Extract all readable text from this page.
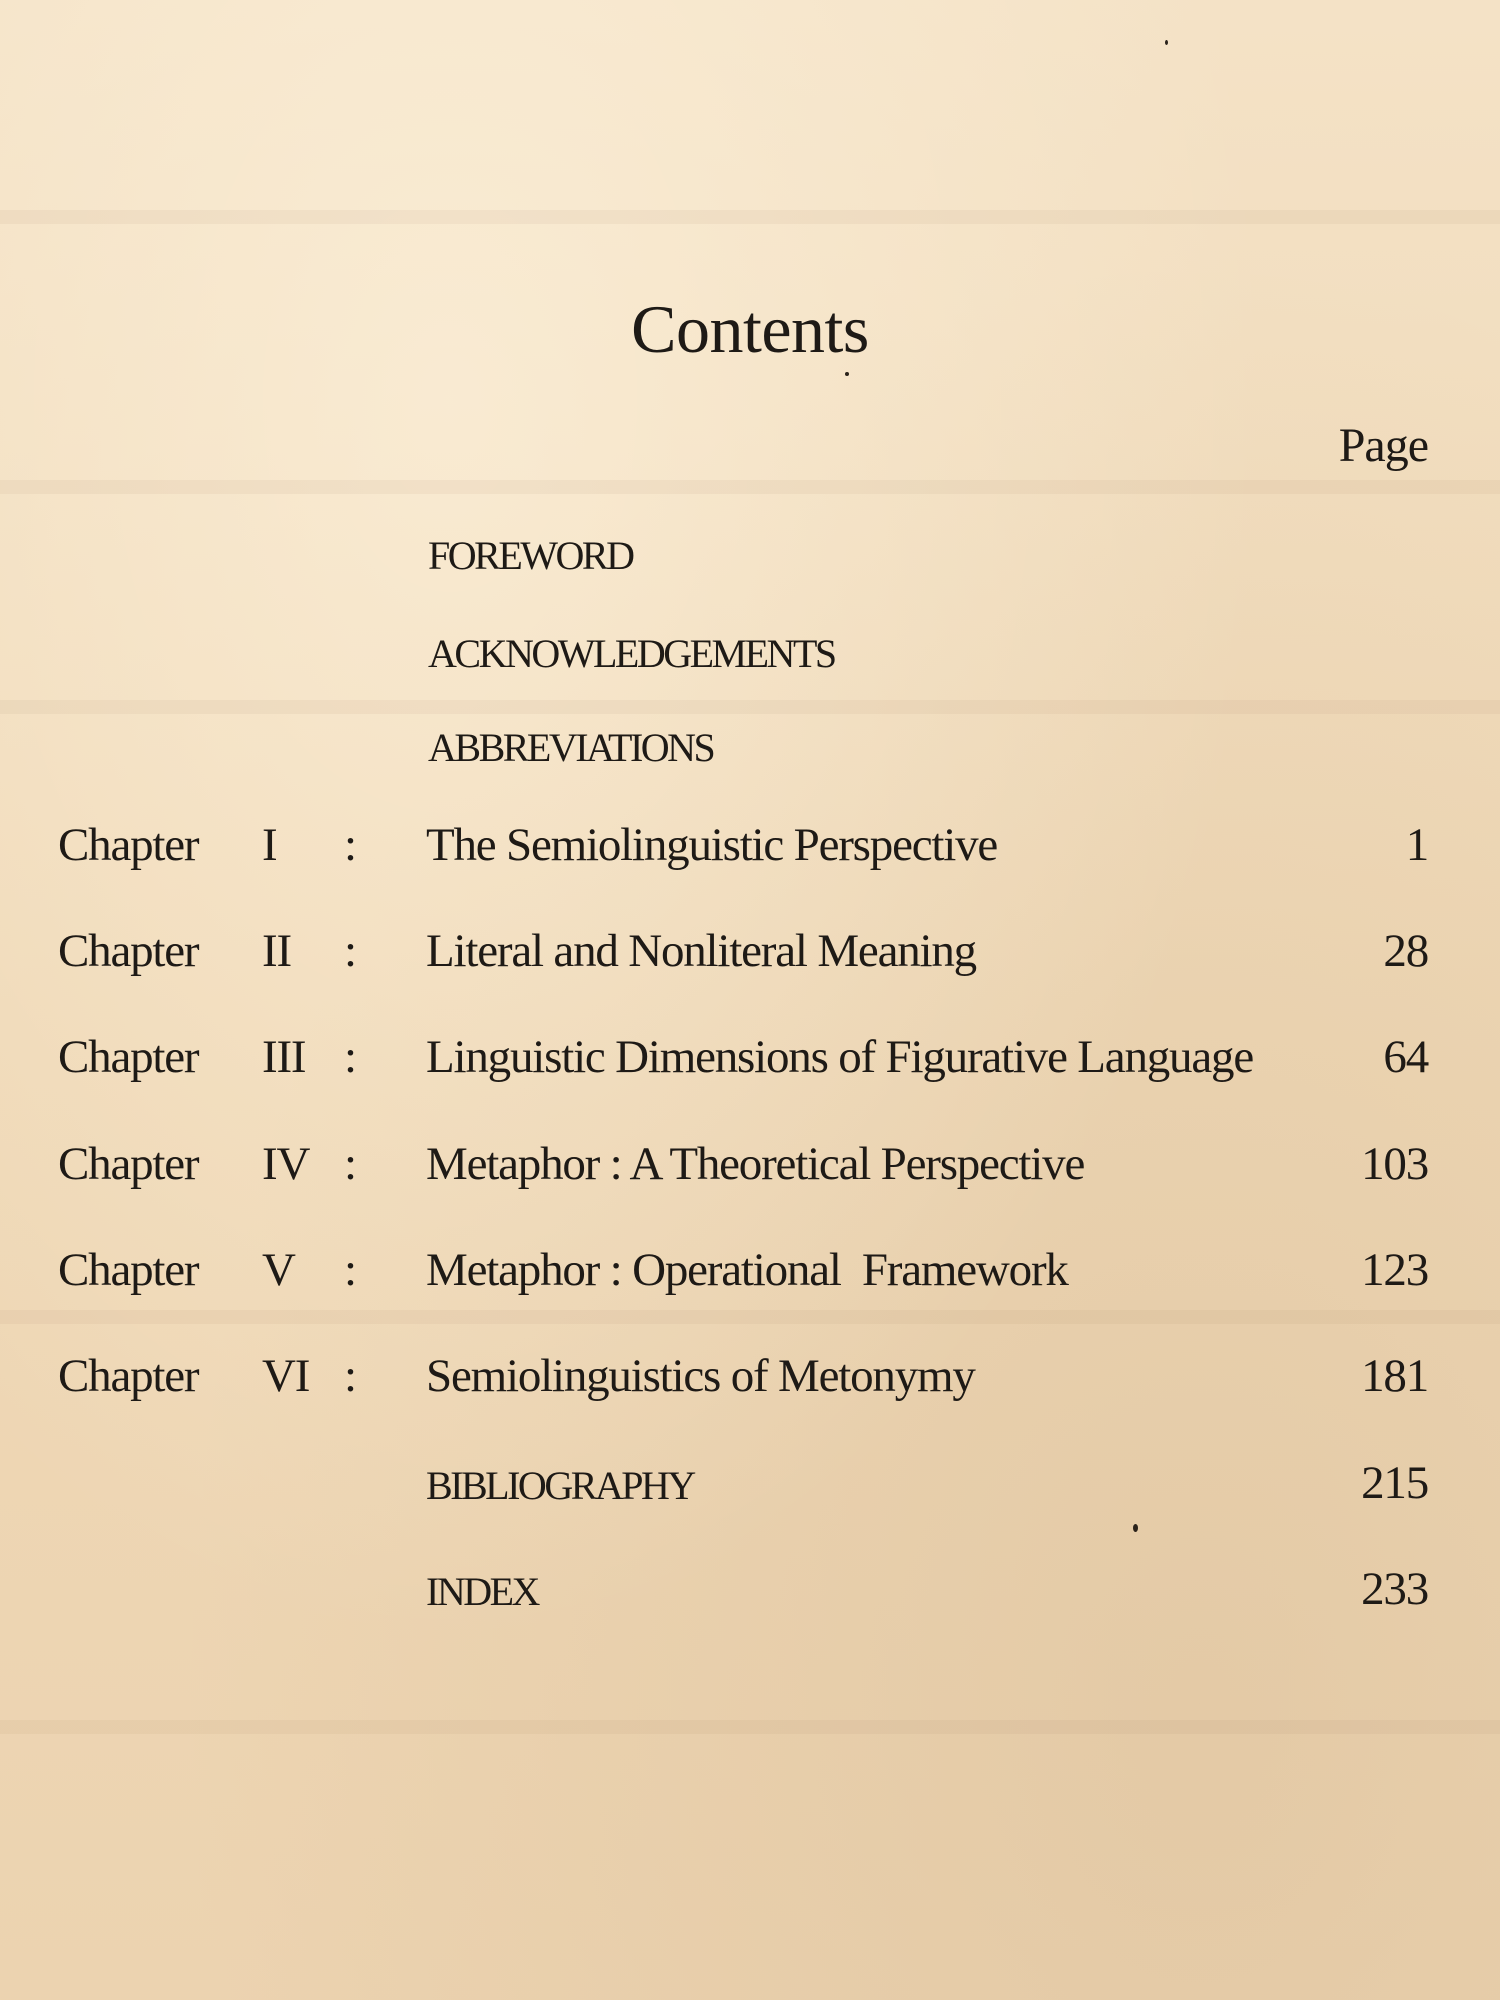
Contents
Page
FOREWORD
ACKNOWLEDGEMENTS
ABBREVIATIONS
Chapter I : The Semiolinguistic Perspective	1
Chapter II : Literal and Nonliteral Meaning	28
Chapter III : Linguistic Dimensions of Figurative Language	64
Chapter IV : Metaphor : A Theoretical Perspective	103
Chapter V : Metaphor : Operational  Framework	123
Chapter VI : Semiolinguistics of Metonymy	181
BIBLIOGRAPHY	215
INDEX	233
